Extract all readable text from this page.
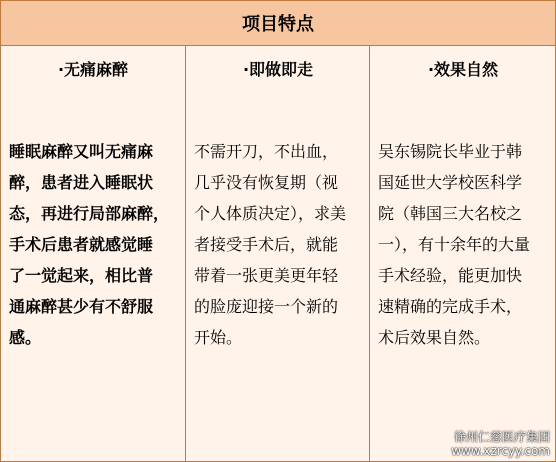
项目特点
·无痛麻醉
睡眠麻醉又叫无痛麻
醉，患者进入睡眠状
态，再进行局部麻醉，
手术后患者就感觉睡
了一觉起来，相比普
通麻醉甚少有不舒服
感。
·即做即走
不需开刀，不出血，
几乎没有恢复期（视
个人体质决定），求美
者接受手术后，就能
带着一张更美更年轻
的脸庞迎接一个新的
开始。
·效果自然
吴东锡院长毕业于韩
国延世大学校医科学
院（韩国三大名校之
一），有十余年的大量
手术经验，能更加快
速精确的完成手术，
术后效果自然。
徐州仁慈医疗集团
www.xzrcyy.com
